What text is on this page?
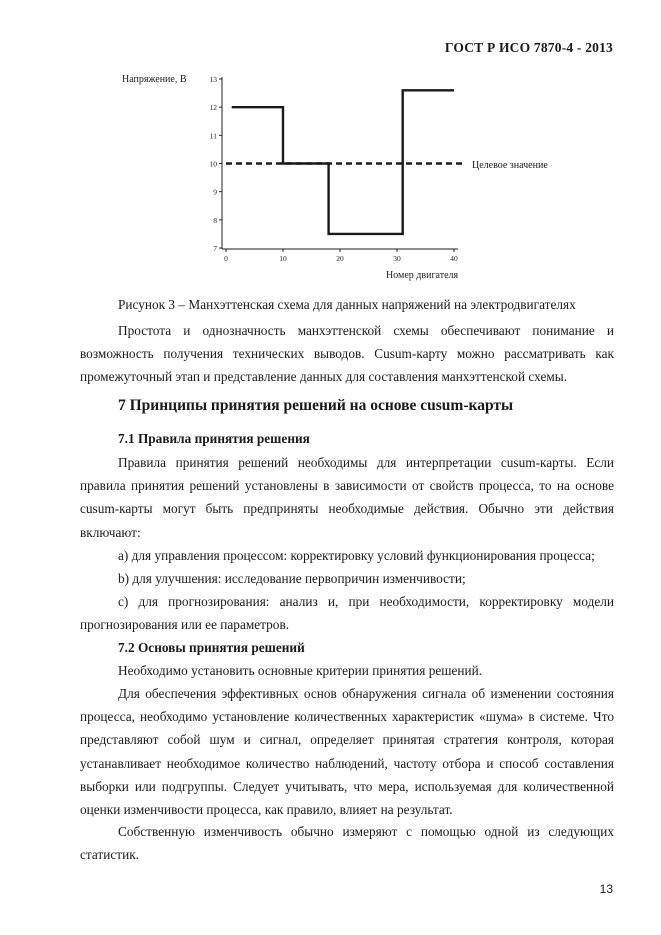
ГОСТ Р ИСО 7870-4 - 2013
Напряжение, В
7
8
9
10
11
12
13
0	10	20	30	40
Целевое значение
Номер двигателя
Рисунок 3 – Манхэттенская схема для данных напряжений на электродвигателях
Простота и однозначность манхэттенской схемы обеспечивают понимание и возможность получения технических выводов. Cusum-карту можно рассматривать как промежуточный этап и представление данных для составления манхэттенской схемы.
7 Принципы принятия решений на основе cusum-карты
7.1 Правила принятия решения
Правила принятия решений необходимы для интерпретации cusum-карты. Если правила принятия решений установлены в зависимости от свойств процесса, то на основе cusum-карты могут быть предприняты необходимые действия. Обычно эти действия включают:
а) для управления процессом: корректировку условий функционирования процесса;
b) для улучшения: исследование первопричин изменчивости;
с) для прогнозирования: анализ и, при необходимости, корректировку модели прогнозирования или ее параметров.
7.2 Основы принятия решений
Необходимо установить основные критерии принятия решений.
Для обеспечения эффективных основ обнаружения сигнала об изменении состояния процесса, необходимо установление количественных характеристик «шума» в системе. Что представляют собой шум и сигнал, определяет принятая стратегия контроля, которая устанавливает необходимое количество наблюдений, частоту отбора и способ составления выборки или подгруппы. Следует учитывать, что мера, используемая для количественной оценки изменчивости процесса, как правило, влияет на результат.
Собственную изменчивость обычно измеряют с помощью одной из следующих статистик.
13
